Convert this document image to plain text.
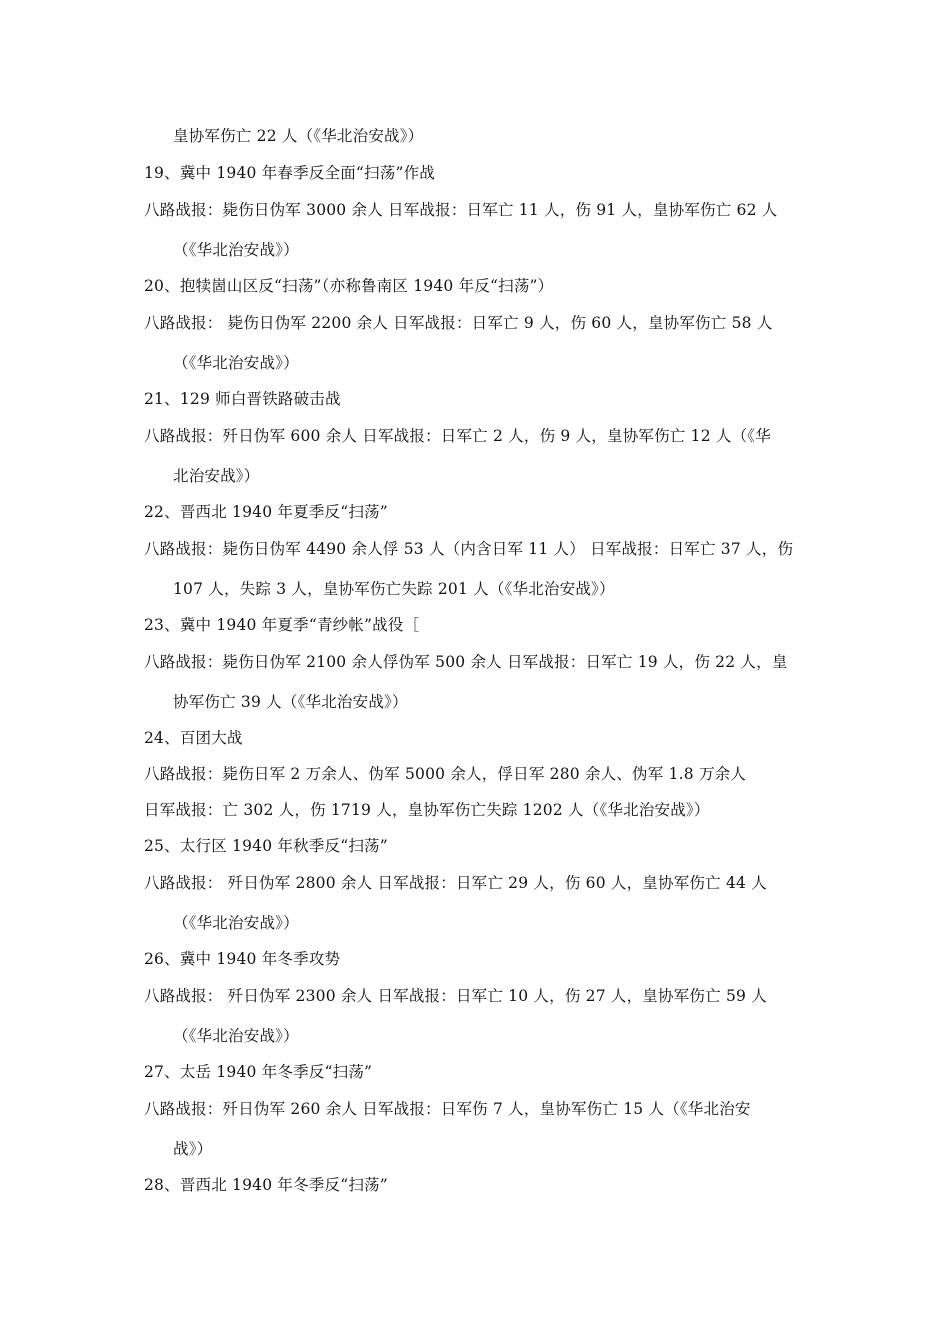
皇协军伤亡 22 人（《华北治安战》）
19、冀中 1940 年春季反全面“扫荡”作战
八路战报：毙伤日伪军 3000 余人 日军战报：日军亡 11 人，伤 91 人，皇协军伤亡 62 人
（《华北治安战》）
20、抱犊崮山区反“扫荡”（亦称鲁南区 1940 年反“扫荡”）
八路战报： 毙伤日伪军 2200 余人 日军战报：日军亡 9 人，伤 60 人，皇协军伤亡 58 人
（《华北治安战》）
21、129 师白晋铁路破击战
八路战报：歼日伪军 600 余人 日军战报：日军亡 2 人，伤 9 人，皇协军伤亡 12 人（《华
北治安战》）
22、晋西北 1940 年夏季反“扫荡”
八路战报：毙伤日伪军 4490 余人俘 53 人（内含日军 11 人） 日军战报：日军亡 37 人，伤
107 人，失踪 3 人，皇协军伤亡失踪 201 人（《华北治安战》）
23、冀中 1940 年夏季“青纱帐”战役［
八路战报：毙伤日伪军 2100 余人俘伪军 500 余人 日军战报：日军亡 19 人，伤 22 人，皇
协军伤亡 39 人（《华北治安战》）
24、百团大战
八路战报：毙伤日军 2 万余人、伪军 5000 余人，俘日军 280 余人、伪军 1.8 万余人
日军战报：亡 302 人，伤 1719 人，皇协军伤亡失踪 1202 人（《华北治安战》）
25、太行区 1940 年秋季反“扫荡”
八路战报： 歼日伪军 2800 余人 日军战报：日军亡 29 人，伤 60 人，皇协军伤亡 44 人
（《华北治安战》）
26、冀中 1940 年冬季攻势
八路战报： 歼日伪军 2300 余人 日军战报：日军亡 10 人，伤 27 人，皇协军伤亡 59 人
（《华北治安战》）
27、太岳 1940 年冬季反“扫荡”
八路战报：歼日伪军 260 余人 日军战报：日军伤 7 人，皇协军伤亡 15 人（《华北治安
战》）
28、晋西北 1940 年冬季反“扫荡”
